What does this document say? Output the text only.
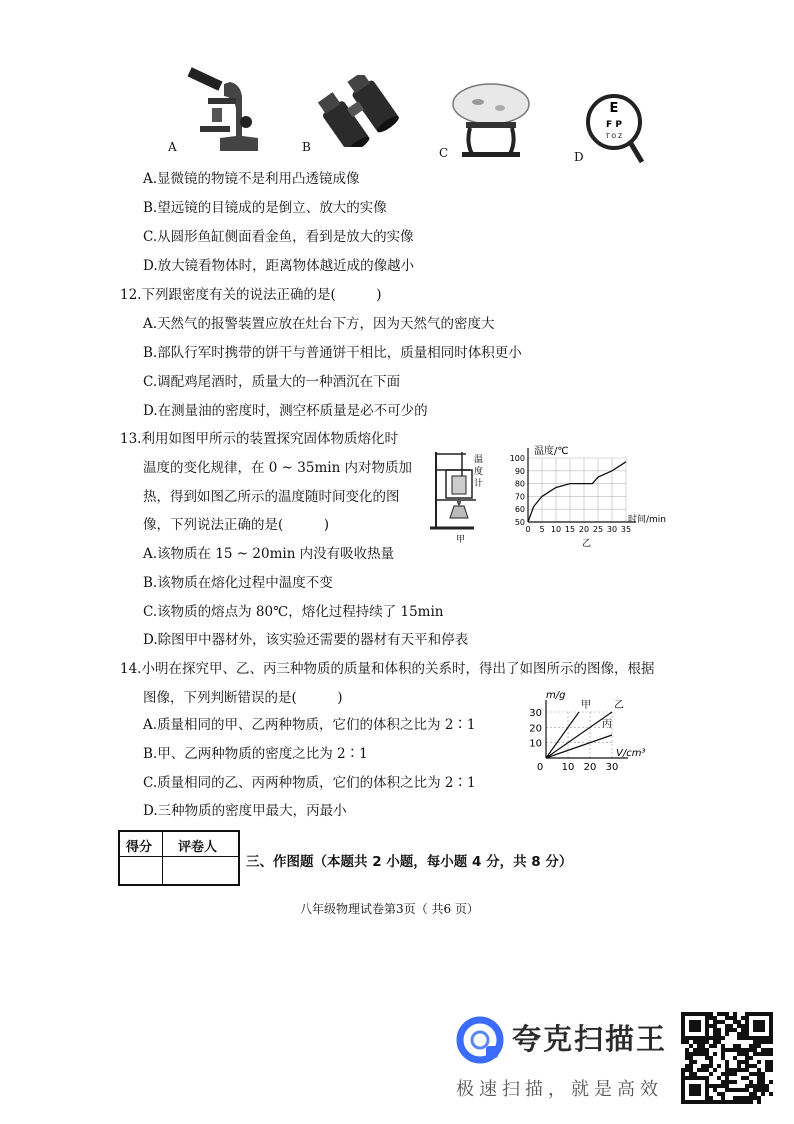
A	B	C
E
F P
T O Z
D
A.显微镜的物镜不是利用凸透镜成像
B.望远镜的目镜成的是倒立、放大的实像
C.从圆形鱼缸侧面看金鱼，看到是放大的实像
D.放大镜看物体时，距离物体越近成的像越小
12.下列跟密度有关的说法正确的是(　　　)
A.天然气的报警装置应放在灶台下方，因为天然气的密度大
B.部队行军时携带的饼干与普通饼干相比，质量相同时体积更小
C.调配鸡尾酒时，质量大的一种酒沉在下面
D.在测量油的密度时，测空杯质量是必不可少的
13.利用如图甲所示的装置探究固体物质熔化时
温度的变化规律，在 0 ~ 35min 内对物质加
热，得到如图乙所示的温度随时间变化的图
像，下列说法正确的是(　　　)
A.该物质在 15 ~ 20min 内没有吸收热量
B.该物质在熔化过程中温度不变
C.该物质的熔点为 80℃，熔化过程持续了 15min
D.除图甲中器材外，该实验还需要的器材有天平和停表
温
度
计
甲
0 5 10 15 20 25 30 35
50
60
70
80
90
100
温度/℃
时间/min
乙
14.小明在探究甲、乙、丙三种物质的质量和体积的关系时，得出了如图所示的图像，根据
图像，下列判断错误的是(　　　)
A.质量相同的甲、乙两种物质，它们的体积之比为 2∶1
B.甲、乙两种物质的密度之比为 2∶1
C.质量相同的乙、丙两种物质，它们的体积之比为 2∶1
D.三种物质的密度甲最大，丙最小
0 10 20 30
10
20
30
甲 乙
丙
m/g
V/cm³
得分 评卷人
三、作图题（本题共 2 小题，每小题 4 分，共 8 分）
八年级物理试卷第3页（ 共6 页）
夸克扫描王
极速扫描，就是高效
